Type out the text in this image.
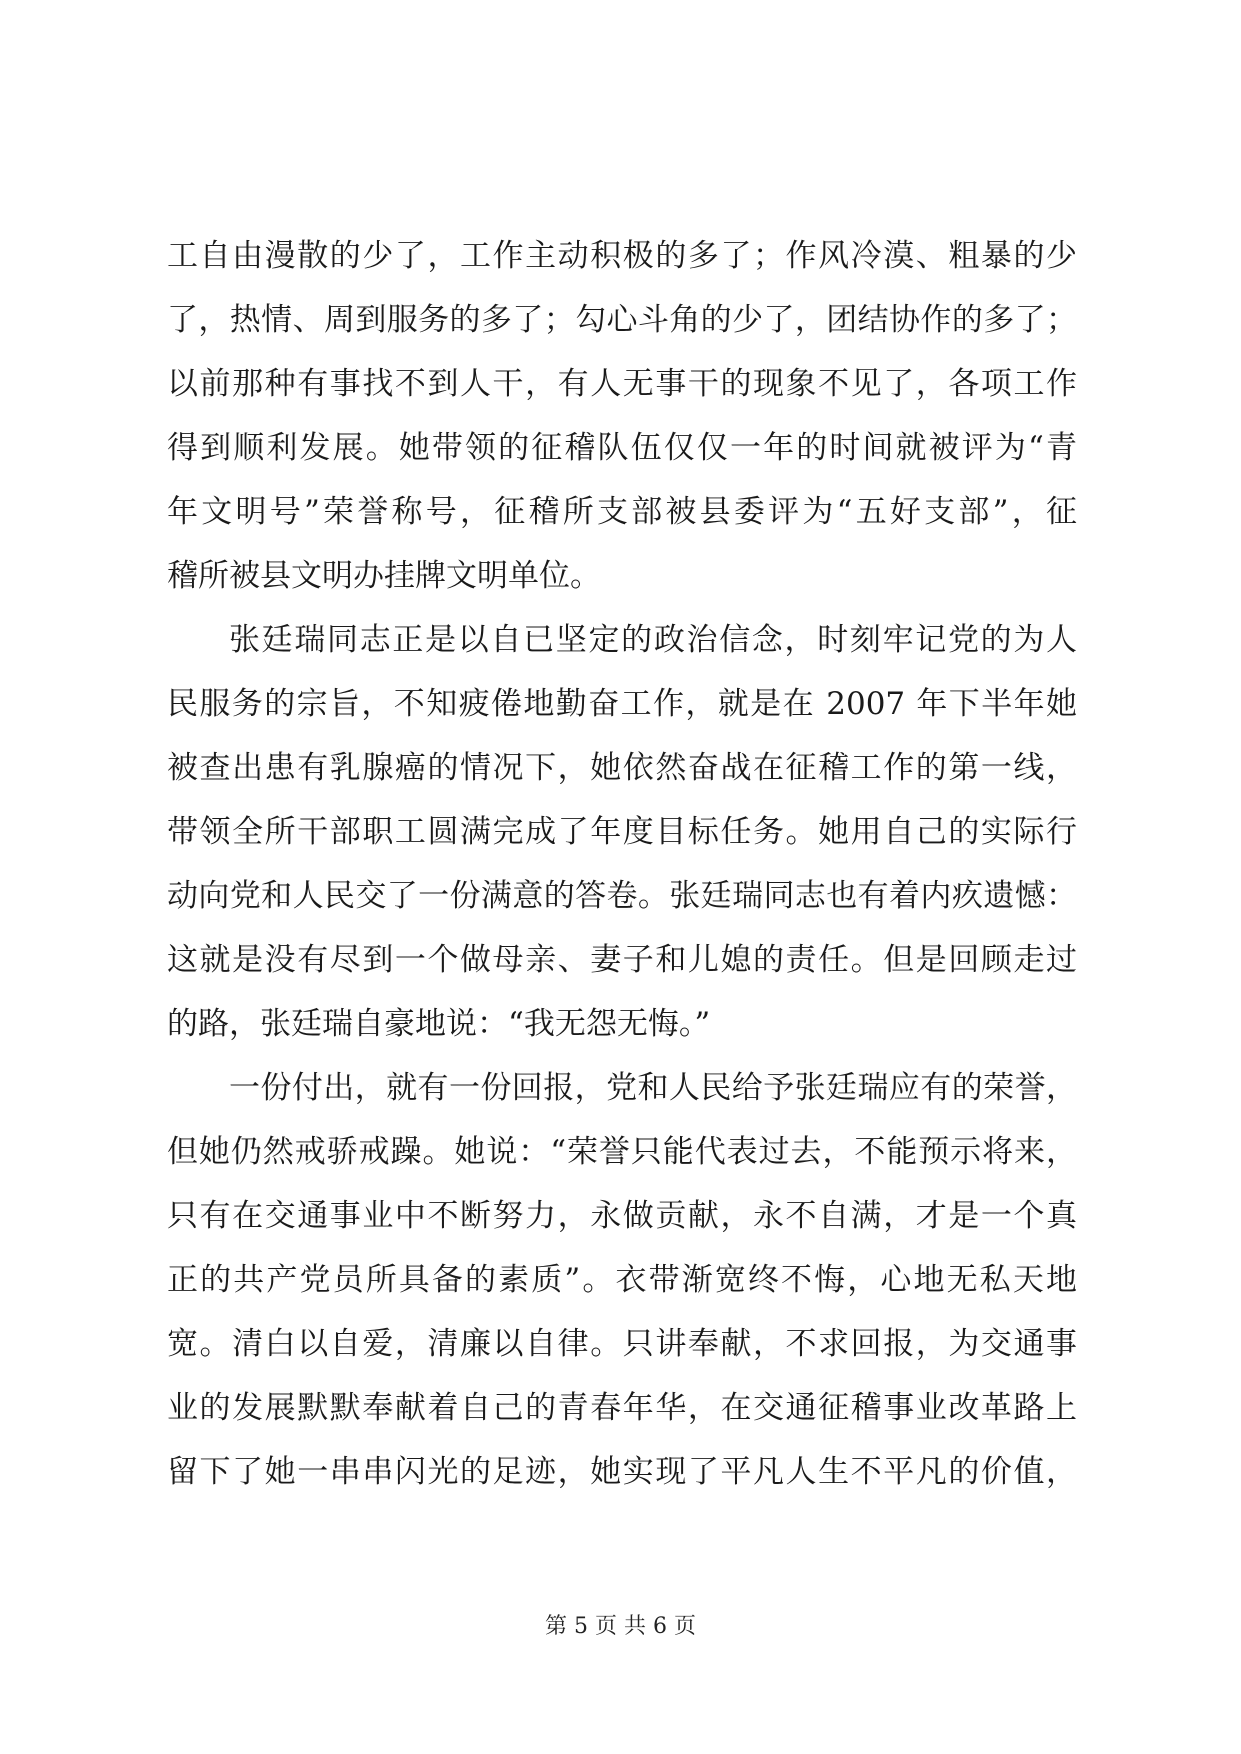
工自由漫散的少了，工作主动积极的多了；作风冷漠、粗暴的少
了，热情、周到服务的多了；勾心斗角的少了，团结协作的多了；
以前那种有事找不到人干，有人无事干的现象不见了，各项工作
得到顺利发展。她带领的征稽队伍仅仅一年的时间就被评为“青
年文明号”荣誉称号，征稽所支部被县委评为“五好支部”，征
稽所被县文明办挂牌文明单位。
张廷瑞同志正是以自已坚定的政治信念，时刻牢记党的为人
民服务的宗旨，不知疲倦地勤奋工作，就是在 2007 年下半年她
被查出患有乳腺癌的情况下，她依然奋战在征稽工作的第一线，
带领全所干部职工圆满完成了年度目标任务。她用自己的实际行
动向党和人民交了一份满意的答卷。张廷瑞同志也有着内疚遗憾：
这就是没有尽到一个做母亲、妻子和儿媳的责任。但是回顾走过
的路，张廷瑞自豪地说：“我无怨无悔。”
一份付出，就有一份回报，党和人民给予张廷瑞应有的荣誉，
但她仍然戒骄戒躁。她说：“荣誉只能代表过去，不能预示将来，
只有在交通事业中不断努力，永做贡献，永不自满，才是一个真
正的共产党员所具备的素质”。衣带渐宽终不悔，心地无私天地
宽。清白以自爱，清廉以自律。只讲奉献，不求回报，为交通事
业的发展默默奉献着自己的青春年华，在交通征稽事业改革路上
留下了她一串串闪光的足迹，她实现了平凡人生不平凡的价值，
第 5 页 共 6 页
